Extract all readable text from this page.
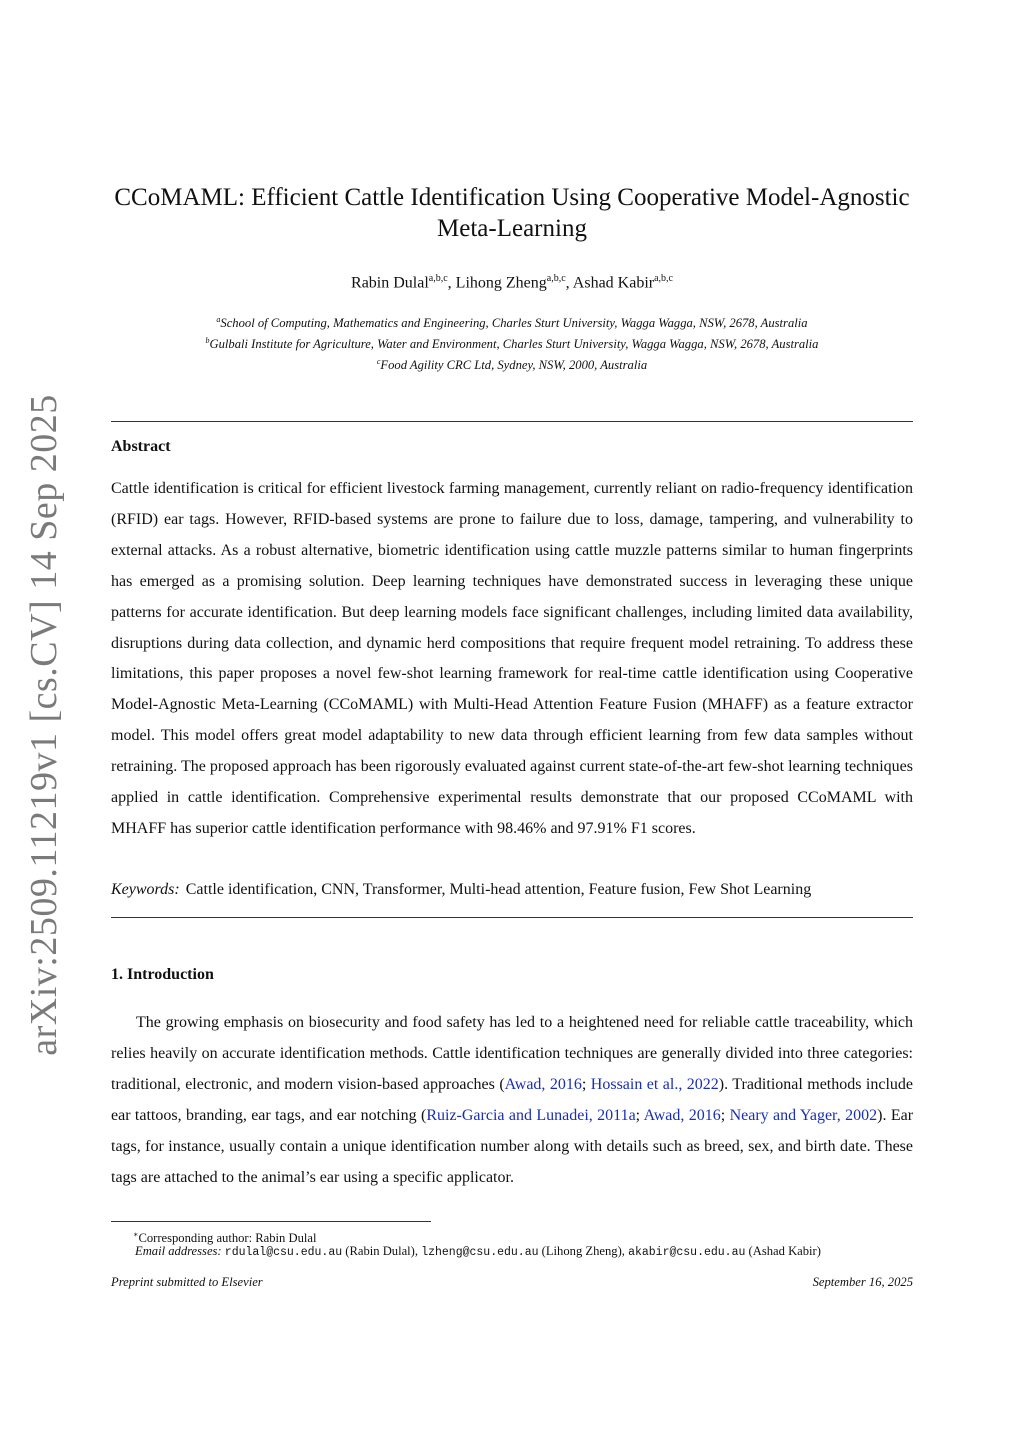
arXiv:2509.11219v1 [cs.CV] 14 Sep 2025
CCoMAML: Efficient Cattle Identification Using Cooperative Model-Agnostic Meta-Learning
Rabin Dulal$^{a,b,c}$, Lihong Zheng$^{a,b,c}$, Ashad Kabir$^{a,b,c}$
$^a$School of Computing, Mathematics and Engineering, Charles Sturt University, Wagga Wagga, NSW, 2678, Australia
$^b$Gulbali Institute for Agriculture, Water and Environment, Charles Sturt University, Wagga Wagga, NSW, 2678, Australia
$^c$Food Agility CRC Ltd, Sydney, NSW, 2000, Australia
Abstract

Cattle identification is critical for efficient livestock farming management, currently reliant on radio-frequency identification (RFID) ear tags. However, RFID-based systems are prone to failure due to loss, damage, tampering, and vulnerability to external attacks. As a robust alternative, biometric identification using cattle muzzle patterns similar to human fingerprints has emerged as a promising solution. Deep learning techniques have demonstrated success in leveraging these unique patterns for accurate identification. But deep learning models face significant challenges, including limited data availability, disruptions during data collection, and dynamic herd compositions that require frequent model retraining. To address these limitations, this paper proposes a novel few-shot learning framework for real-time cattle identification using Cooperative Model-Agnostic Meta-Learning (CCoMAML) with Multi-Head Attention Feature Fusion (MHAFF) as a feature extractor model. This model offers great model adaptability to new data through efficient learning from few data samples without retraining. The proposed approach has been rigorously evaluated against current state-of-the-art few-shot learning techniques applied in cattle identification. Comprehensive experimental results demonstrate that our proposed CCoMAML with MHAFF has superior cattle identification performance with 98.46% and 97.91% F1 scores.

Keywords: Cattle identification, CNN, Transformer, Multi-head attention, Feature fusion, Few Shot Learning
1. Introduction

The growing emphasis on biosecurity and food safety has led to a heightened need for reliable cattle traceability, which relies heavily on accurate identification methods. Cattle identification techniques are generally divided into three categories: traditional, electronic, and modern vision-based approaches (Awad, 2016; Hossain et al., 2022). Traditional methods include ear tattoos, branding, ear tags, and ear notching (Ruiz-Garcia and Lunadei, 2011a; Awad, 2016; Neary and Yager, 2002). Ear tags, for instance, usually contain a unique identification number along with details such as breed, sex, and birth date. These tags are attached to the animal’s ear using a specific applicator.

∗Corresponding author: Rabin Dulal
Email addresses: rdulal@csu.edu.au (Rabin Dulal), lzheng@csu.edu.au (Lihong Zheng), akabir@csu.edu.au (Ashad Kabir)
Preprint submitted to Elsevier	September 16, 2025
